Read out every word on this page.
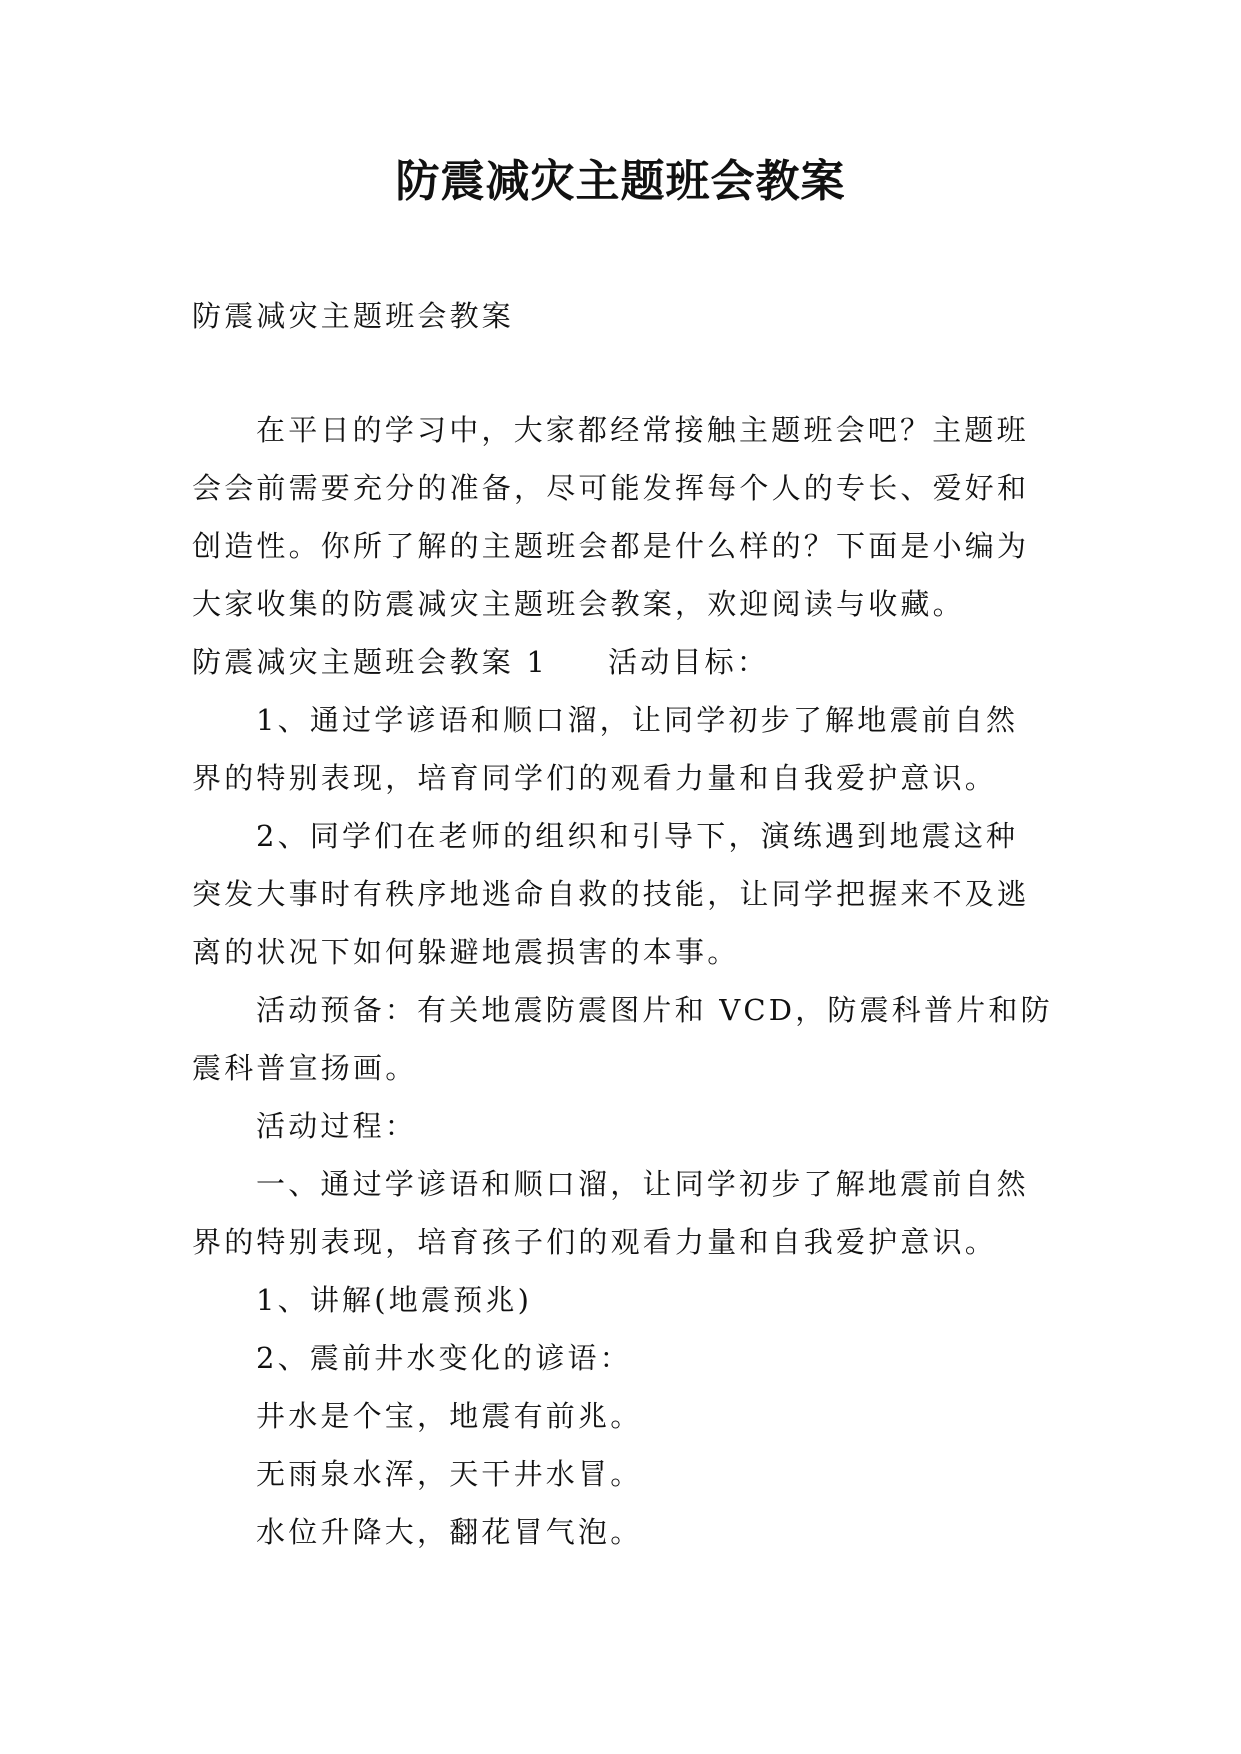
防震减灾主题班会教案
防震减灾主题班会教案
在平日的学习中，大家都经常接触主题班会吧？主题班
会会前需要充分的准备，尽可能发挥每个人的专长、爱好和
创造性。你所了解的主题班会都是什么样的？下面是小编为
大家收集的防震减灾主题班会教案，欢迎阅读与收藏。
防震减灾主题班会教案 1 活动目标：
1、通过学谚语和顺口溜，让同学初步了解地震前自然
界的特别表现，培育同学们的观看力量和自我爱护意识。
2、同学们在老师的组织和引导下，演练遇到地震这种
突发大事时有秩序地逃命自救的技能，让同学把握来不及逃
离的状况下如何躲避地震损害的本事。
活动预备：有关地震防震图片和 VCD，防震科普片和防
震科普宣扬画。
活动过程：
一、通过学谚语和顺口溜，让同学初步了解地震前自然
界的特别表现，培育孩子们的观看力量和自我爱护意识。
1、讲解(地震预兆)
2、震前井水变化的谚语：
井水是个宝，地震有前兆。
无雨泉水浑，天干井水冒。
水位升降大，翻花冒气泡。
